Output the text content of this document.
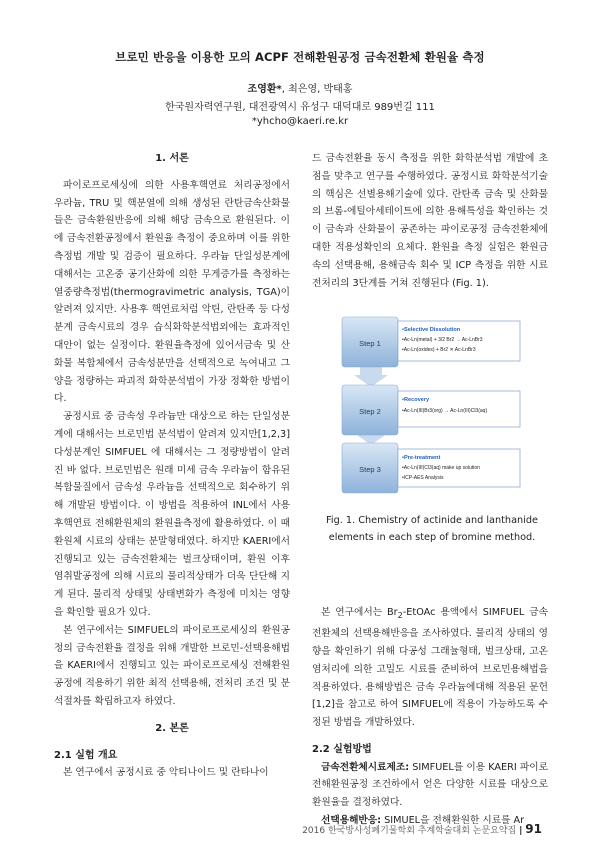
브로민 반응을 이용한 모의 ACPF 전해환원공정 금속전환체 환원율 측정
조영환*, 최은영, 박태홍
한국원자력연구원, 대전광역시 유성구 대덕대로 989번길 111
*yhcho@kaeri.re.kr

1. 서론

파이로프로세싱에 의한 사용후핵연료 처리공정에서 우라늄, TRU 및 핵분열에 의해 생성된 란탄금속산화물들은 금속환원반응에 의해 해당 금속으로 환원된다. 이에 금속전환공정에서 환원율 측정이 중요하며 이를 위한 측정법 개발 및 검증이 필요하다. 우라늄 단일성분계에 대해서는 고온중 공기산화에 의한 무게증가를 측정하는 열중량측정법(thermogravimetric analysis, TGA)이 알려져 있지만. 사용후 핵연료처럼 악틴, 란탄족 등 다성분계 금속시료의 경우 습식화학분석법외에는 효과적인 대안이 없는 실정이다. 환원율측정에 있어서금속 및 산화물 복합체에서 금속성분만을 선택적으로 녹여내고 그 양을 정량하는 파괴적 화학분석법이 가장 정확한 방법이다.

공정시료 중 금속성 우라늄만 대상으로 하는 단일성분계에 대해서는 브로민법 분석법이 알려져 있지만[1,2,3] 다성분계인 SIMFUEL 에 대해서는 그 정량방법이 알려진 바 없다. 브로민법은 원래 미세 금속 우라늄이 함유된 복합물질에서 금속성 우라늄을 선택적으로 회수하기 위해 개발된 방법이다. 이 방법을 적용하여 INL에서 사용후핵연료 전해환원체의 환원율측정에 활용하였다. 이 때 환원체 시료의 상태는 분말형태였다. 하지만 KAERI에서 진행되고 있는 금속전환체는 벌크상태이며, 환원 이후 염취발공정에 의해 시료의 물리적상태가 더욱 단단해 지게 된다. 물리적 상태및 상태변화가 측정에 미치는 영향을 확인할 필요가 있다.

본 연구에서는 SIMFUEL의 파이로프로세싱의 환원공정의 금속전환율 결정을 위해 개발한 브로민-선택용해법을 KAERI에서 진행되고 있는 파이로프로세싱 전해환원공정에 적용하기 위한 최적 선택용해, 전처리 조건 및 분석절차를 확립하고자 하였다.

2. 본론

2.1 실험 개요

본 연구에서 공정시료 중 악티나이드 및 란타나이

드 금속전환율 동시 측정을 위한 화학분석법 개발에 초점을 맞추고 연구를 수행하였다. 공정시료 화학분석기술의 핵심은 선별용해기술에 있다. 란탄족 금속 및 산화물의 브롬-에틸아세테이트에 의한 용해특성을 확인하는 것이 금속과 산화물이 공존하는 파이로공정 금속전환체에 대한 적용성확인의 요체다. 환원율 측정 실험은 환원금속의 선택용해, 용해금속 회수 및 ICP 측정을 위한 시료 전처리의 3단계를 거쳐 진행된다 (Fig. 1).

본 연구에서는 $Br_2$-EtOAc 용액에서 SIMFUEL 금속전환체의 선택용해반응을 조사하였다. 물리적 상태의 영향을 확인하기 위해 다공성 그래뉼형태, 벌크상태, 고온염처리에 의한 고밀도 시료를 준비하여 브로민용해법을 적용하였다. 용해방법은 금속 우라늄에대해 적용된 문헌 [1,2]을 참고로 하여 SIMFUEL에 적용이 가능하도록 수정된 방법을 개발하였다.

2.2 실험방법

금속전환체시료제조: SIMFUEL를 이용 KAERI 파이로 전해환원공정 조건하에서 얻은 다양한 시료를 대상으로 환원율을 결정하였다.

선택용해반응: SIMUEL을 전해환원한 시료를 Ar

Step 1
•Selective Dissolution
•Ac-Ln(metal) + 3/2 Br2 → Ac-LnBr3
•Ac-Ln(oxides) + Br2 ✕ Ac-LnBr3
Step 2
•Recovery
•Ac-Ln(III)Br3(org) → Ac-Ln(III)Cl3(aq)
Step 3
•Pre-treatment
•Ac-Ln(III)Cl3(aq) make up solution
•ICP-AES Analysis
Fig. 1. Chemistry of actinide and lanthanide elements in each step of bromine method.
2016 한국방사성폐기물학회 추계학술대회 논문요약집 | 91
